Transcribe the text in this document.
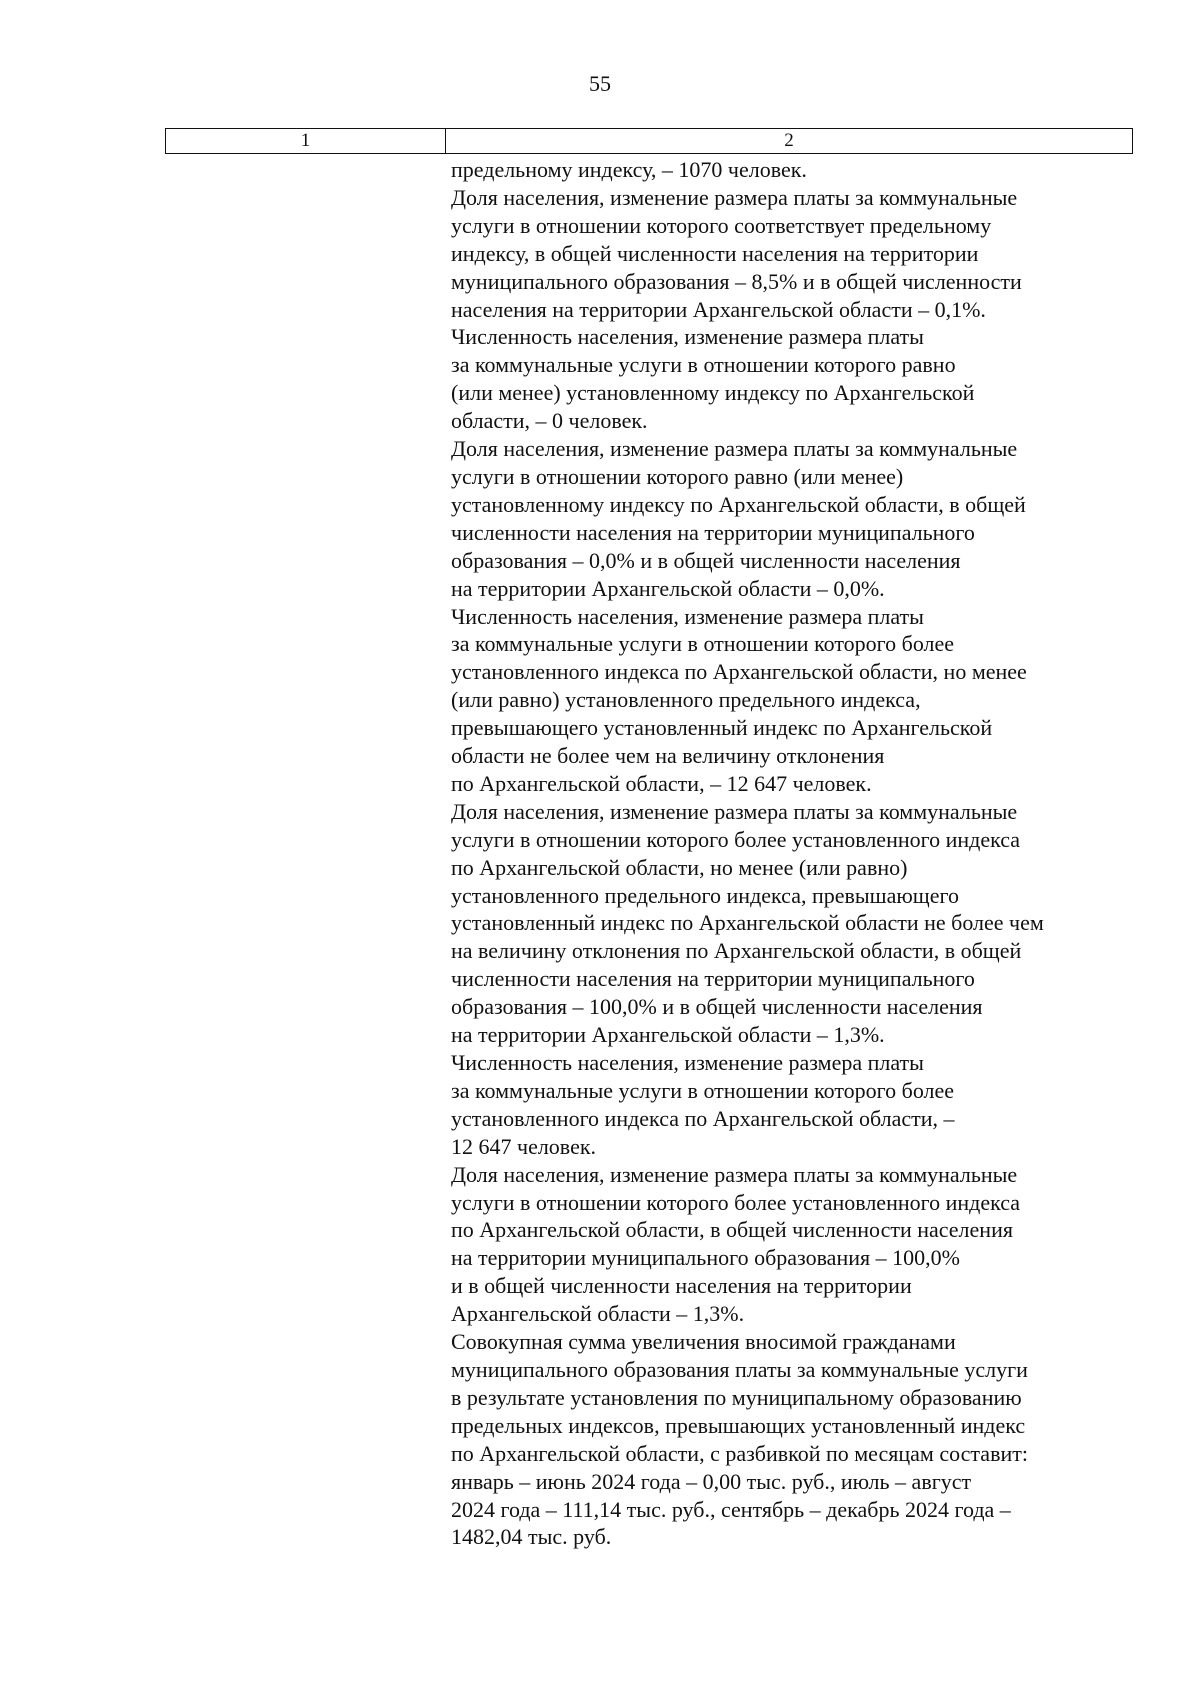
55
1	2
предельному индексу, – 1070 человек.
Доля населения, изменение размера платы за коммунальные
услуги в отношении которого соответствует предельному
индексу, в общей численности населения на территории
муниципального образования – 8,5% и в общей численности
населения на территории Архангельской области – 0,1%.
Численность населения, изменение размера платы
за коммунальные услуги в отношении которого равно
(или менее) установленному индексу по Архангельской
области, – 0 человек.
Доля населения, изменение размера платы за коммунальные
услуги в отношении которого равно (или менее)
установленному индексу по Архангельской области, в общей
численности населения на территории муниципального
образования – 0,0% и в общей численности населения
на территории Архангельской области – 0,0%.
Численность населения, изменение размера платы
за коммунальные услуги в отношении которого более
установленного индекса по Архангельской области, но менее
(или равно) установленного предельного индекса,
превышающего установленный индекс по Архангельской
области не более чем на величину отклонения
по Архангельской области, – 12 647 человек.
Доля населения, изменение размера платы за коммунальные
услуги в отношении которого более установленного индекса
по Архангельской области, но менее (или равно)
установленного предельного индекса, превышающего
установленный индекс по Архангельской области не более чем
на величину отклонения по Архангельской области, в общей
численности населения на территории муниципального
образования – 100,0% и в общей численности населения
на территории Архангельской области – 1,3%.
Численность населения, изменение размера платы
за коммунальные услуги в отношении которого более
установленного индекса по Архангельской области, –
12 647 человек.
Доля населения, изменение размера платы за коммунальные
услуги в отношении которого более установленного индекса
по Архангельской области, в общей численности населения
на территории муниципального образования – 100,0%
и в общей численности населения на территории
Архангельской области – 1,3%.
Совокупная сумма увеличения вносимой гражданами
муниципального образования платы за коммунальные услуги
в результате установления по муниципальному образованию
предельных индексов, превышающих установленный индекс
по Архангельской области, с разбивкой по месяцам составит:
январь – июнь 2024 года – 0,00 тыс. руб., июль – август
2024 года – 111,14 тыс. руб., сентябрь – декабрь 2024 года –
1482,04 тыс. руб.
